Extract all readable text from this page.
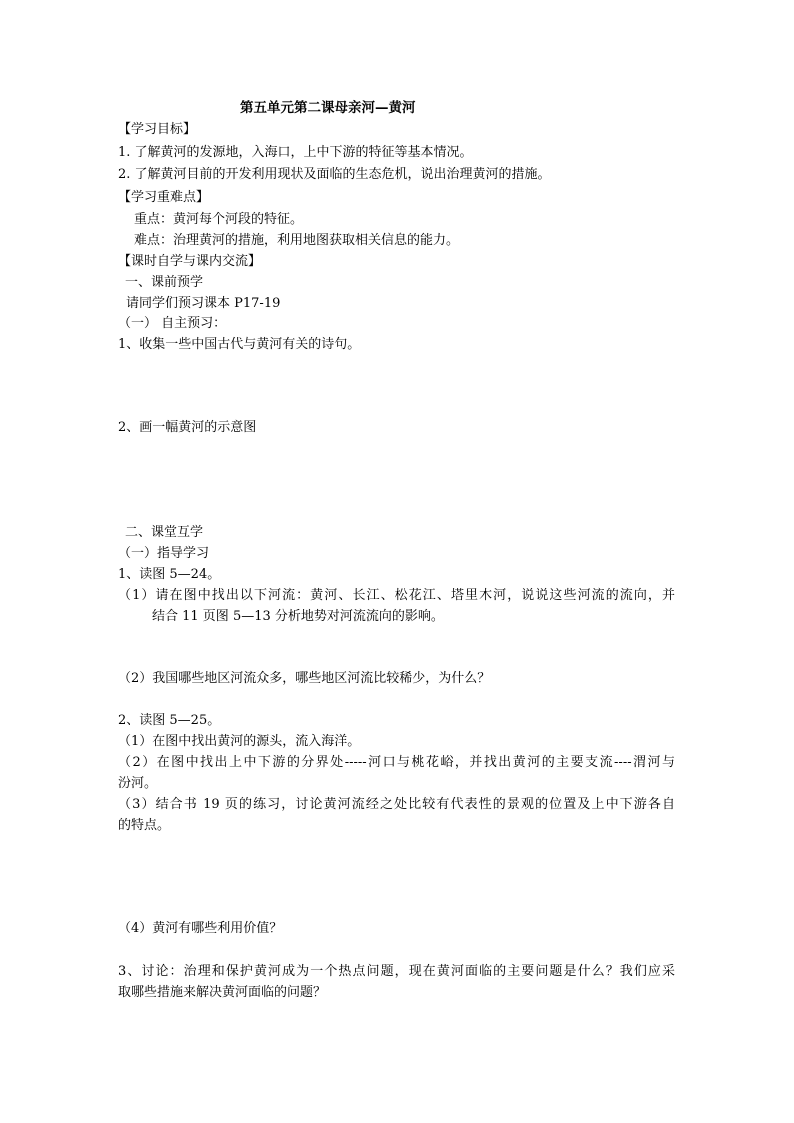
第五单元第二课母亲河—黄河
【学习目标】
1. 了解黄河的发源地，入海口，上中下游的特征等基本情况。
2. 了解黄河目前的开发利用现状及面临的生态危机，说出治理黄河的措施。
【学习重难点】
重点：黄河每个河段的特征。
难点：治理黄河的措施，利用地图获取相关信息的能力。
【课时自学与课内交流】
一、课前预学
请同学们预习课本 P17-19
（一） 自主预习：
1、收集一些中国古代与黄河有关的诗句。
2、画一幅黄河的示意图
二、课堂互学
（一）指导学习
1、读图 5—24。
（1）请在图中找出以下河流：黄河、长江、松花江、塔里木河，说说这些河流的流向，并
结合 11 页图 5—13 分析地势对河流流向的影响。
（2）我国哪些地区河流众多，哪些地区河流比较稀少，为什么？
2、读图 5—25。
（1）在图中找出黄河的源头，流入海洋。
（2）在图中找出上中下游的分界处-----河口与桃花峪，并找出黄河的主要支流----渭河与
汾河。
（3）结合书 19 页的练习，讨论黄河流经之处比较有代表性的景观的位置及上中下游各自
的特点。
（4）黄河有哪些利用价值？
3、讨论：治理和保护黄河成为一个热点问题，现在黄河面临的主要问题是什么？我们应采
取哪些措施来解决黄河面临的问题？
